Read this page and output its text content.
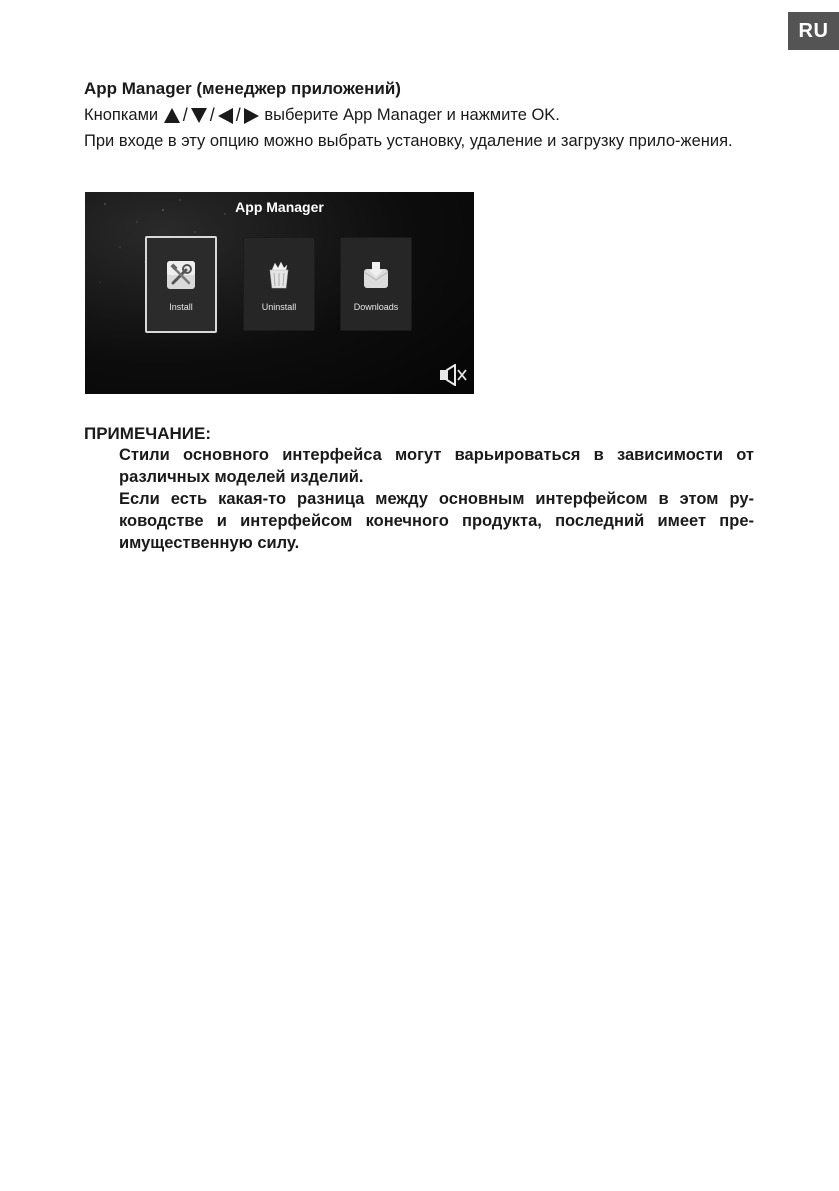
RU
App Manager (менеджер приложений)
Кнопками
/ / /
выберите App Manager и нажмите OK.
При входе в эту опцию можно выбрать установку, удаление и загрузку прило-жения.
App Manager
Install	Uninstall	Downloads
ПРИМЕЧАНИЕ:

Стили основного интерфейса могут варьироваться в зависимости от различных моделей изделий.

Если есть какая-то разница между основным интерфейсом в этом ру-ководстве и интерфейсом конечного продукта, последний имеет пре-имущественную силу.
